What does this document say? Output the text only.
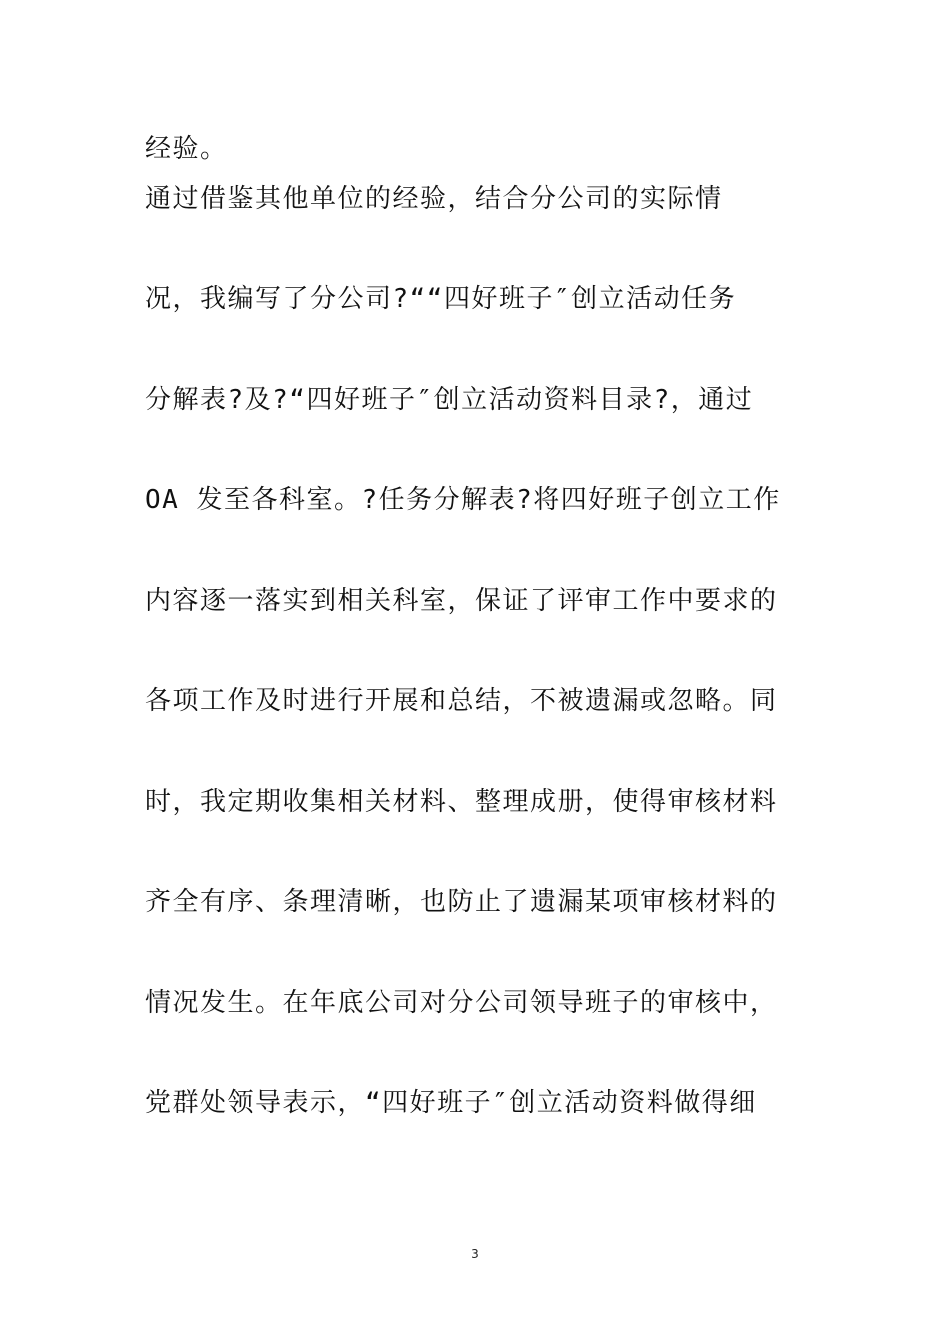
经验。
通过借鉴其他单位的经验，结合分公司的实际情
况，我编写了分公司?““四好班子″创立活动任务
分解表?及?“四好班子″创立活动资料目录?，通过
OA 发至各科室。?任务分解表?将四好班子创立工作
内容逐一落实到相关科室，保证了评审工作中要求的
各项工作及时进行开展和总结，不被遗漏或忽略。同
时，我定期收集相关材料、整理成册，使得审核材料
齐全有序、条理清晰，也防止了遗漏某项审核材料的
情况发生。在年底公司对分公司领导班子的审核中，
党群处领导表示，“四好班子″创立活动资料做得细
3
